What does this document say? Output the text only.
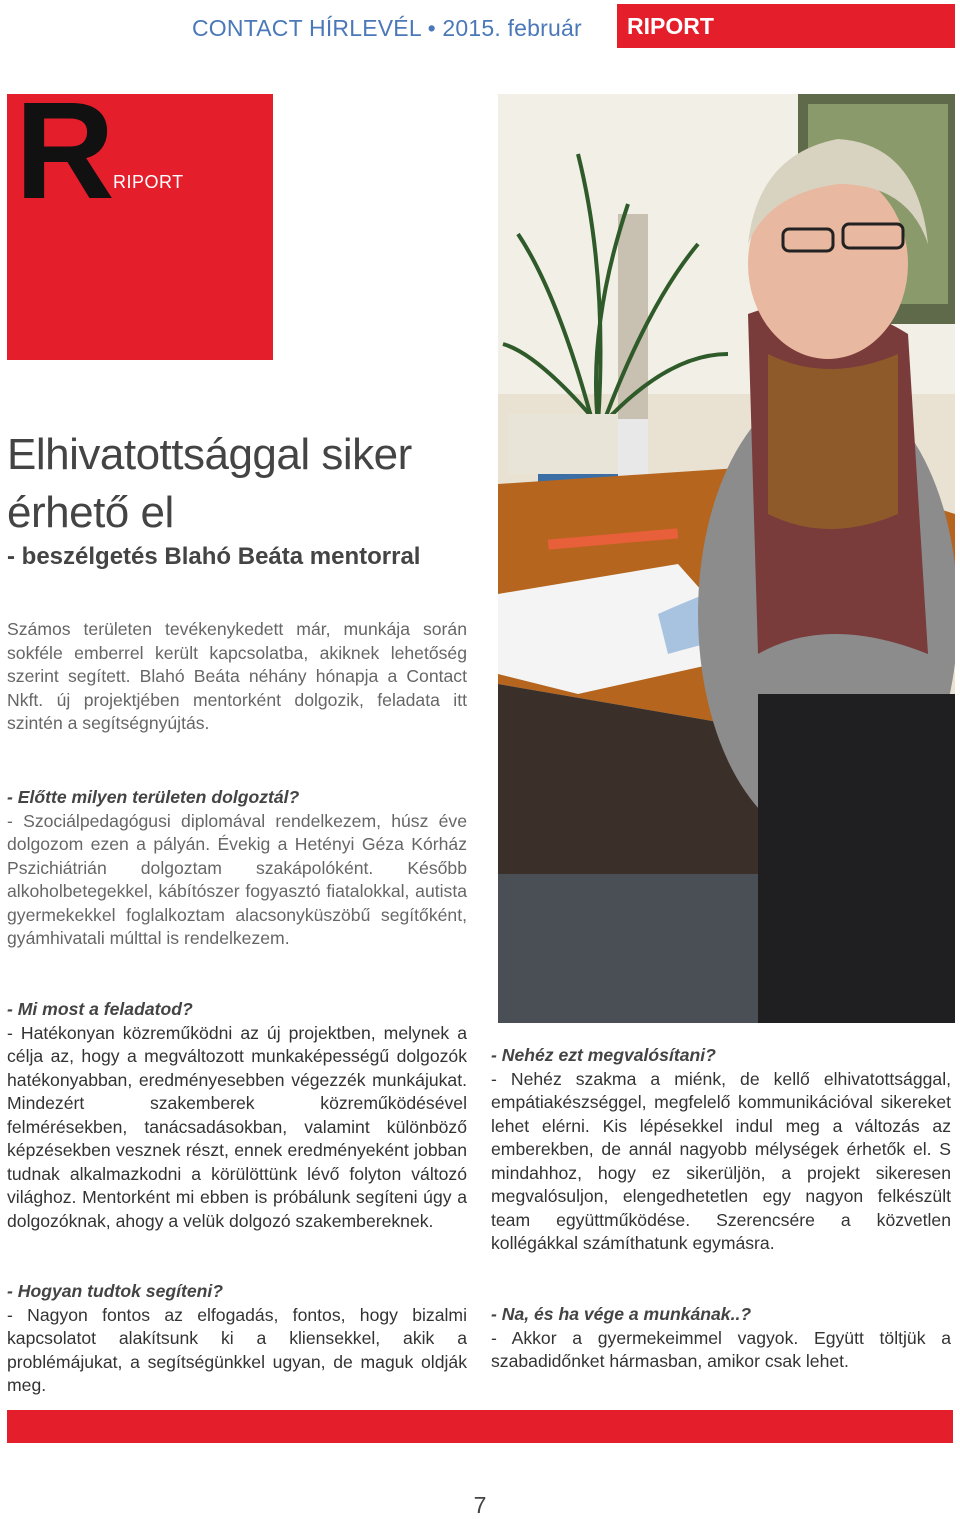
CONTACT HÍRLEVÉL • 2015. február	RIPORT
R
RIPORT
Elhivatottsággal siker
érhető el
- beszélgetés Blahó Beáta mentorral

Számos területen tevékenykedett már, munkája során sokféle emberrel került kapcsolatba, akiknek lehetőség szerint segített. Blahó Beáta néhány hónapja a Contact Nkft. új projektjében mentorként dolgozik, feladata itt szintén a segítségnyújtás.

- Előtte milyen területen dolgoztál?

- Szociálpedagógusi diplomával rendelkezem, húsz éve dolgozom ezen a pályán. Évekig a Hetényi Géza Kórház Pszichiátrián dolgoztam szakápolóként. Később alkoholbetegekkel, kábítószer fogyasztó fiatalokkal, autista gyermekekkel foglalkoztam alacsonyküszöbű segítőként, gyámhivatali múlttal is rendelkezem.

- Mi most a feladatod?

- Hatékonyan közreműködni az új projektben, melynek a célja az, hogy a megváltozott munkaképességű dolgozók hatékonyabban, eredményesebben végezzék munkájukat. Mindezért szakemberek közreműködésével felmérésekben, tanácsadásokban, valamint különböző képzésekben vesznek részt, ennek eredményeként jobban tudnak alkalmazkodni a körülöttünk lévő folyton változó világhoz. Mentorként mi ebben is próbálunk segíteni úgy a dolgozóknak, ahogy a velük dolgozó szakembereknek.

- Hogyan tudtok segíteni?

- Nagyon fontos az elfogadás, fontos, hogy bizalmi kapcsolatot alakítsunk ki a kliensekkel, akik a problémájukat, a segítségünkkel ugyan, de maguk oldják meg.

- Nehéz ezt megvalósítani?

- Nehéz szakma a miénk, de kellő elhivatottsággal, empátiakészséggel, megfelelő kommunikációval sikereket lehet elérni. Kis lépésekkel indul meg a változás az emberekben, de annál nagyobb mélységek érhetők el. S mindahhoz, hogy ez sikerüljön, a projekt sikeresen megvalósuljon, elengedhetetlen egy nagyon felkészült team együttműködése. Szerencsére a közvetlen kollégákkal számíthatunk egymásra.

- Na, és ha vége a munkának..?

- Akkor a gyermekeimmel vagyok. Együtt töltjük a szabadidőnket hármasban, amikor csak lehet.

7
